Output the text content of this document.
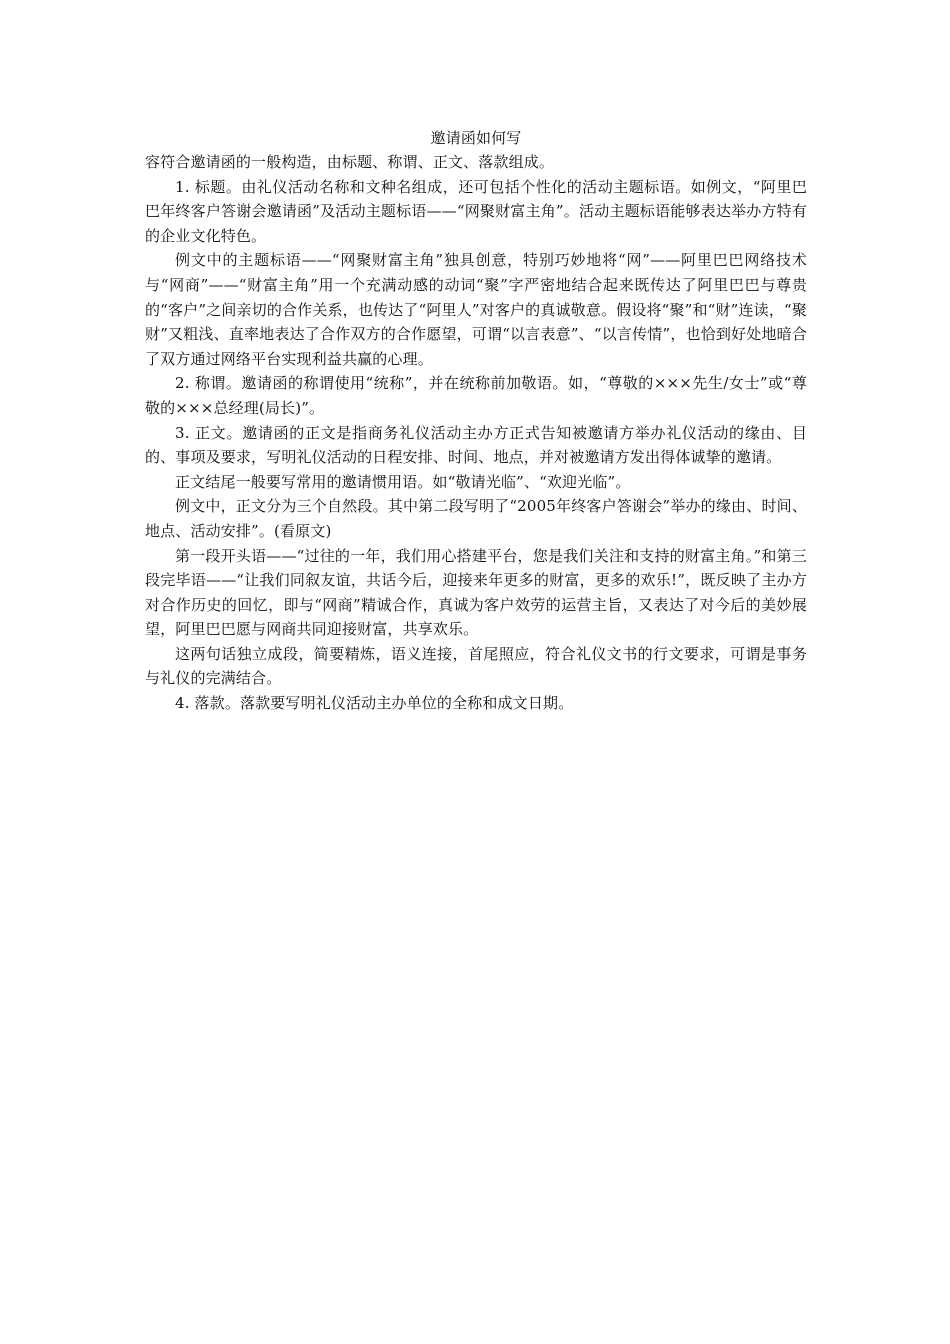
邀请函如何写

容符合邀请函的一般构造，由标题、称谓、正文、落款组成。

1. 标题。由礼仪活动名称和文种名组成，还可包括个性化的活动主题标语。如例文，“阿里巴巴年终客户答谢会邀请函”及活动主题标语——“网聚财富主角”。活动主题标语能够表达举办方特有的企业文化特色。

例文中的主题标语——“网聚财富主角”独具创意，特别巧妙地将“网”——阿里巴巴网络技术与“网商”——“财富主角”用一个充满动感的动词“聚”字严密地结合起来既传达了阿里巴巴与尊贵的“客户”之间亲切的合作关系，也传达了“阿里人”对客户的真诚敬意。假设将“聚”和“财”连读，“聚财”又粗浅、直率地表达了合作双方的合作愿望，可谓“以言表意”、“以言传情”，也恰到好处地暗合了双方通过网络平台实现利益共赢的心理。

2. 称谓。邀请函的称谓使用“统称”，并在统称前加敬语。如，“尊敬的×××先生/女士”或“尊敬的×××总经理(局长)”。

3. 正文。邀请函的正文是指商务礼仪活动主办方正式告知被邀请方举办礼仪活动的缘由、目的、事项及要求，写明礼仪活动的日程安排、时间、地点，并对被邀请方发出得体诚挚的邀请。

正文结尾一般要写常用的邀请惯用语。如“敬请光临”、“欢迎光临”。

例文中，正文分为三个自然段。其中第二段写明了“2005年终客户答谢会”举办的缘由、时间、地点、活动安排”。(看原文)

第一段开头语——“过往的一年，我们用心搭建平台，您是我们关注和支持的财富主角。”和第三段完毕语——“让我们同叙友谊，共话今后，迎接来年更多的财富，更多的欢乐!”，既反映了主办方对合作历史的回忆，即与“网商”精诚合作，真诚为客户效劳的运营主旨，又表达了对今后的美妙展望，阿里巴巴愿与网商共同迎接财富，共享欢乐。

这两句话独立成段，简要精炼，语义连接，首尾照应，符合礼仪文书的行文要求，可谓是事务与礼仪的完满结合。

4. 落款。落款要写明礼仪活动主办单位的全称和成文日期。
